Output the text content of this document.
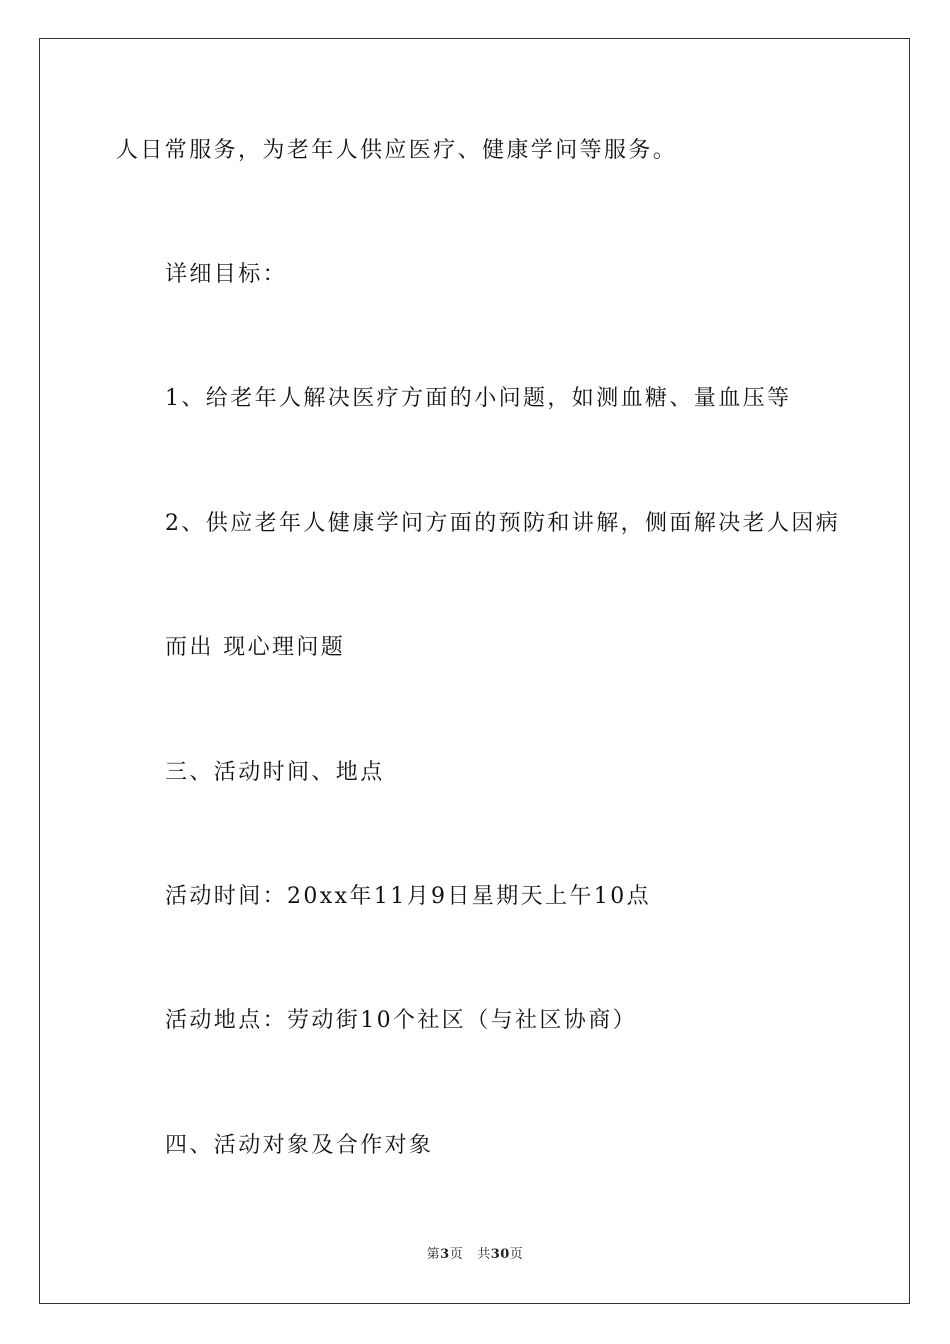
人日常服务，为老年人供应医疗、健康学问等服务。
详细目标：
1、给老年人解决医疗方面的小问题，如测血糖、量血压等
2、供应老年人健康学问方面的预防和讲解，侧面解决老人因病
而出 现心理问题
三、活动时间、地点
活动时间：20xx年11月9日星期天上午10点
活动地点：劳动街10个社区（与社区协商）
四、活动对象及合作对象
第3页 共30页
